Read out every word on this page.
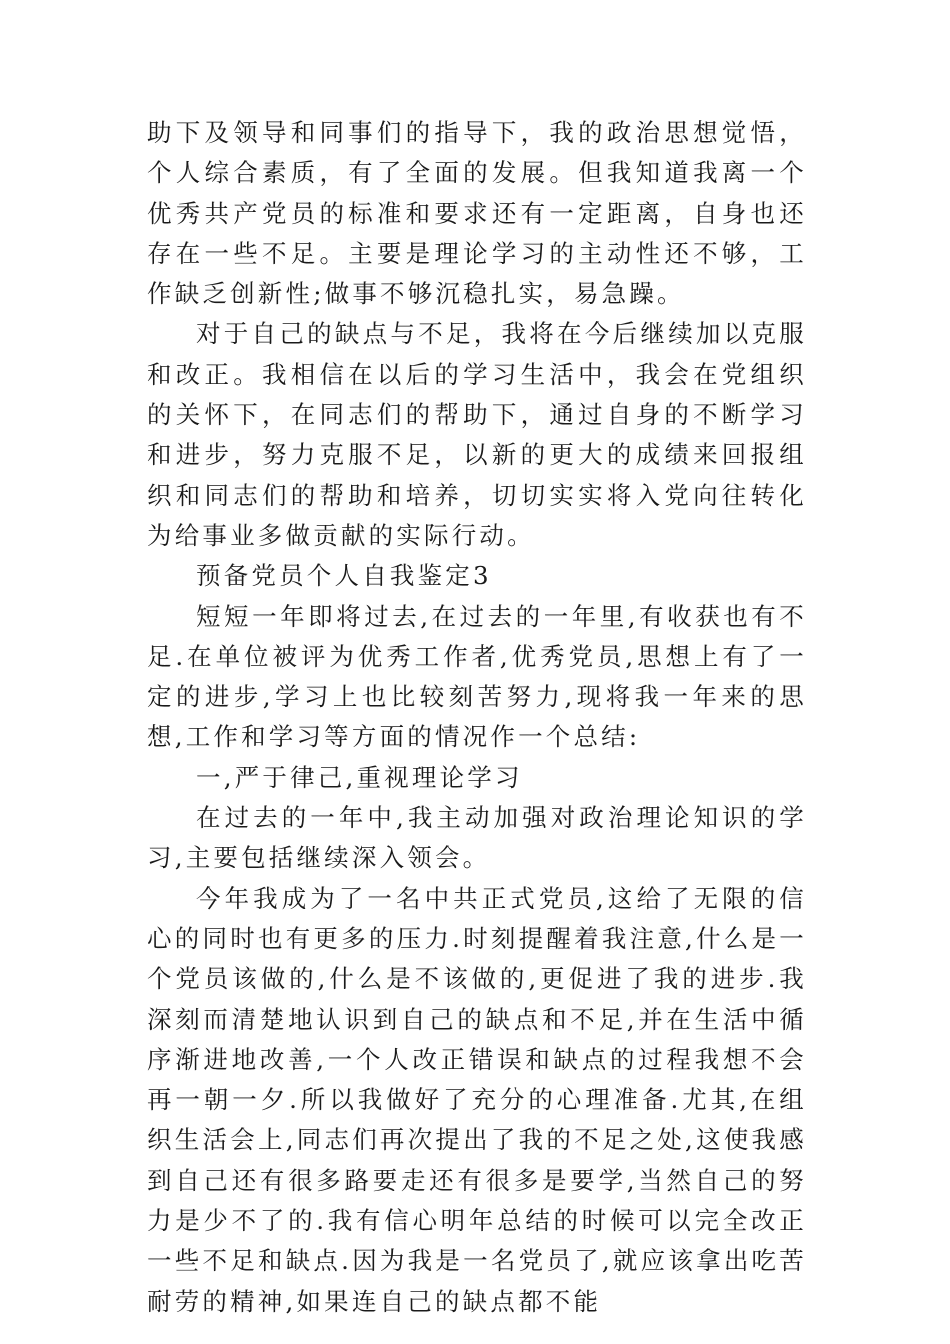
助下及领导和同事们的指导下，我的政治思想觉悟，个人综合素质，有了全面的发展。但我知道我离一个优秀共产党员的标准和要求还有一定距离，自身也还存在一些不足。主要是理论学习的主动性还不够，工作缺乏创新性;做事不够沉稳扎实，易急躁。

对于自己的缺点与不足，我将在今后继续加以克服和改正。我相信在以后的学习生活中，我会在党组织的关怀下，在同志们的帮助下，通过自身的不断学习和进步，努力克服不足，以新的更大的成绩来回报组织和同志们的帮助和培养，切切实实将入党向往转化为给事业多做贡献的实际行动。

预备党员个人自我鉴定3

短短一年即将过去,在过去的一年里,有收获也有不足.在单位被评为优秀工作者,优秀党员,思想上有了一定的进步,学习上也比较刻苦努力,现将我一年来的思想,工作和学习等方面的情况作一个总结:

一,严于律己,重视理论学习

在过去的一年中,我主动加强对政治理论知识的学习,主要包括继续深入领会。

今年我成为了一名中共正式党员,这给了无限的信心的同时也有更多的压力.时刻提醒着我注意,什么是一个党员该做的,什么是不该做的,更促进了我的进步.我深刻而清楚地认识到自己的缺点和不足,并在生活中循序渐进地改善,一个人改正错误和缺点的过程我想不会再一朝一夕.所以我做好了充分的心理准备.尤其,在组织生活会上,同志们再次提出了我的不足之处,这使我感到自己还有很多路要走还有很多是要学,当然自己的努力是少不了的.我有信心明年总结的时候可以完全改正一些不足和缺点.因为我是一名党员了,就应该拿出吃苦耐劳的精神,如果连自己的缺点都不能
